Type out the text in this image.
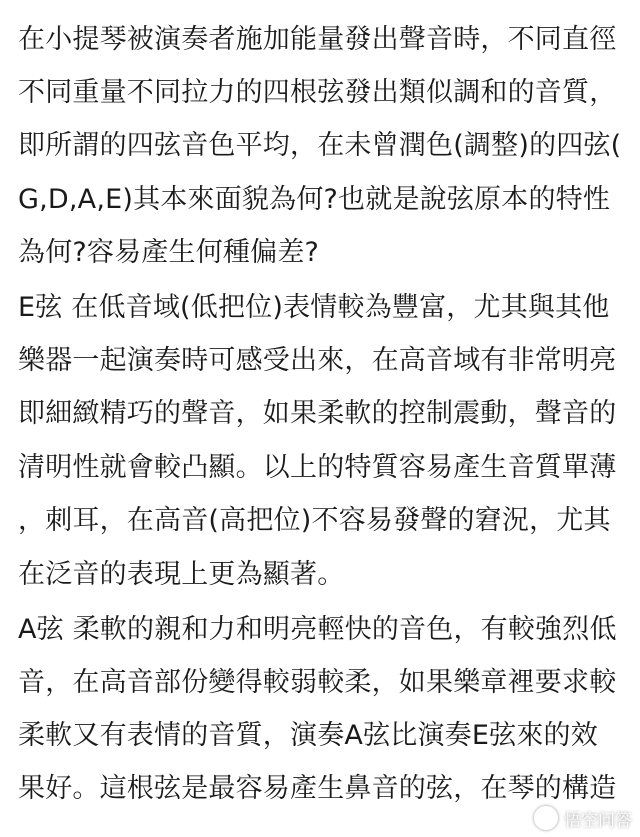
在小提琴被演奏者施加能量發出聲音時，不同直徑
不同重量不同拉力的四根弦發出類似調和的音質，
即所謂的四弦音色平均，在未曾潤色(調整)的四弦(
G,D,A,E)其本來面貌為何?也就是說弦原本的特性
為何?容易產生何種偏差?
E弦 在低音域(低把位)表情較為豐富，尤其與其他
樂器一起演奏時可感受出來，在高音域有非常明亮
即細緻精巧的聲音，如果柔軟的控制震動，聲音的
清明性就會較凸顯。以上的特質容易產生音質單薄
，刺耳，在高音(高把位)不容易發聲的窘況，尤其
在泛音的表現上更為顯著。
A弦 柔軟的親和力和明亮輕快的音色，有較強烈低
音，在高音部份變得較弱較柔，如果樂章裡要求較
柔軟又有表情的音質，演奏A弦比演奏E弦來的效
果好。這根弦是最容易產生鼻音的弦，在琴的構造
悟空问答
